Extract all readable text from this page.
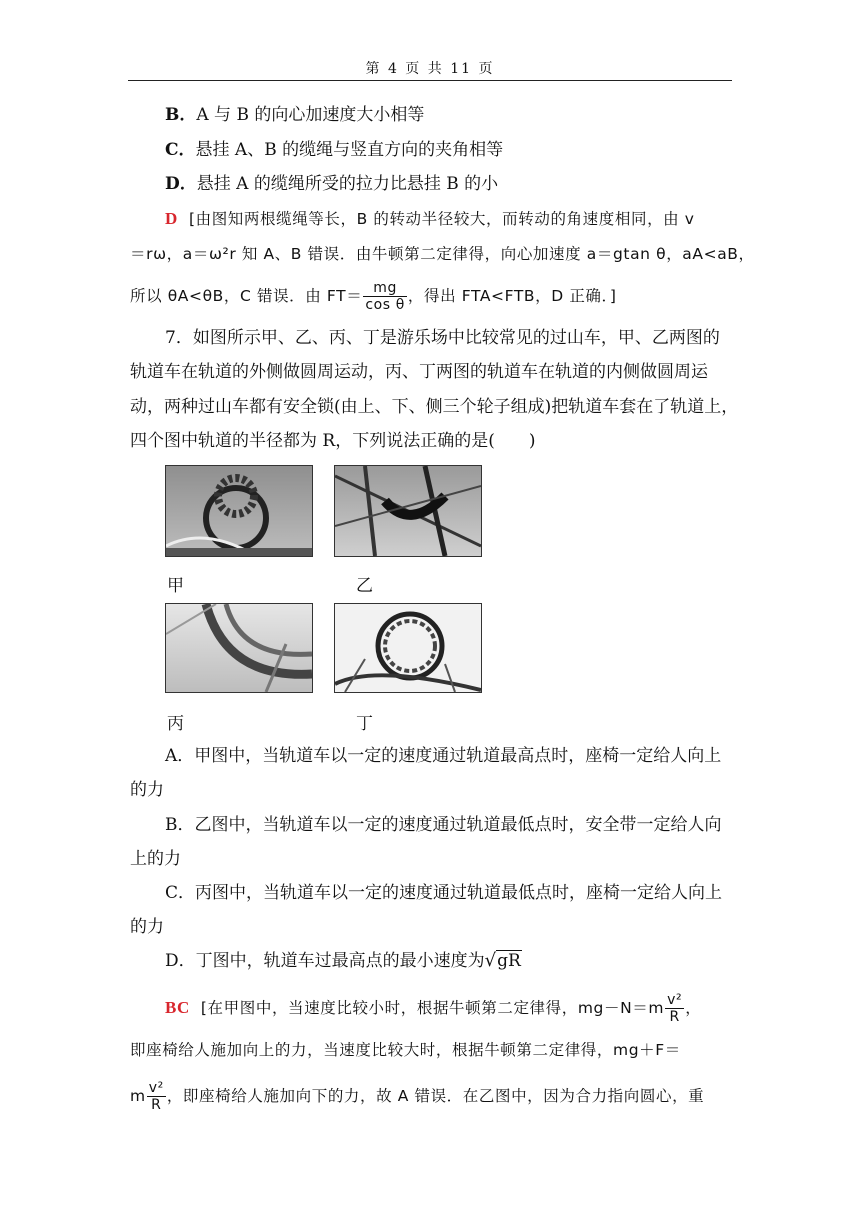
第 4 页 共 11 页
B．A 与 B 的向心加速度大小相等
C．悬挂 A、B 的缆绳与竖直方向的夹角相等
D．悬挂 A 的缆绳所受的拉力比悬挂 B 的小
D [由图知两根缆绳等长，B 的转动半径较大，而转动的角速度相同，由 v
＝rω，a＝ω²r 知 A、B 错误．由牛顿第二定律得，向心加速度 a＝gtan θ，aA<aB，
所以 θA<θB，C 错误．由 $FT= \frac{mg}{\text{cos θ}}$ ，得出 FTA<FTB，D 正确．]
7．如图所示甲、乙、丙、丁是游乐场中比较常见的过山车，甲、乙两图的
轨道车在轨道的外侧做圆周运动，丙、丁两图的轨道车在轨道的内侧做圆周运
动，两种过山车都有安全锁(由上、下、侧三个轮子组成)把轨道车套在了轨道上，
四个图中轨道的半径都为 R，下列说法正确的是(　　)
甲	乙
丙	丁
A．甲图中，当轨道车以一定的速度通过轨道最高点时，座椅一定给人向上
的力
B．乙图中，当轨道车以一定的速度通过轨道最低点时，安全带一定给人向
上的力
C．丙图中，当轨道车以一定的速度通过轨道最低点时，座椅一定给人向上
的力
D．丁图中，轨道车过最高点的最小速度为√gR
BC [在甲图中，当速度比较小时，根据牛顿第二定律得，$mg-N=m \frac{\text{v²}}{R}$ ，
即座椅给人施加向上的力，当速度比较大时，根据牛顿第二定律得，mg＋F＝
m $\frac{\text{v²}}{R}$ ，即座椅给人施加向下的力，故 A 错误．在乙图中，因为合力指向圆心，重
